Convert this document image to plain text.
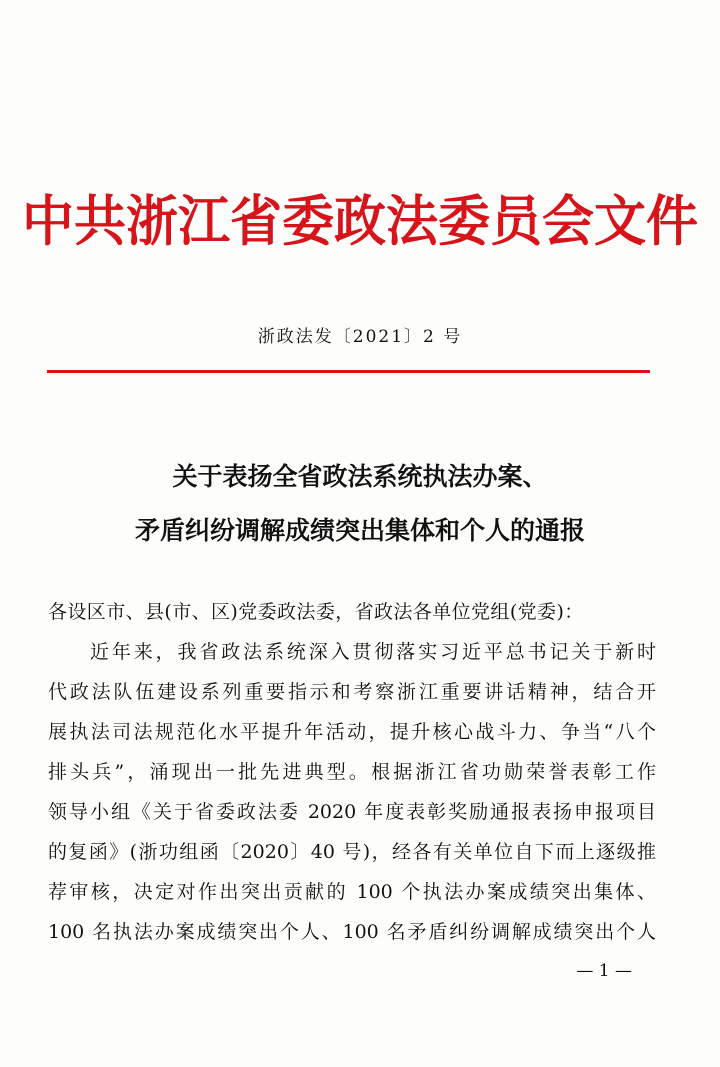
中共浙江省委政法委员会文件
浙政法发〔2021〕2 号
关于表扬全省政法系统执法办案、
矛盾纠纷调解成绩突出集体和个人的通报
各设区市、县(市、区)党委政法委，省政法各单位党组(党委)：
近年来，我省政法系统深入贯彻落实习近平总书记关于新时
代政法队伍建设系列重要指示和考察浙江重要讲话精神，结合开
展执法司法规范化水平提升年活动，提升核心战斗力、争当“八个
排头兵”，涌现出一批先进典型。根据浙江省功勋荣誉表彰工作
领导小组《关于省委政法委 2020 年度表彰奖励通报表扬申报项目
的复函》(浙功组函〔2020〕40 号)，经各有关单位自下而上逐级推
荐审核，决定对作出突出贡献的 100 个执法办案成绩突出集体、
100 名执法办案成绩突出个人、100 名矛盾纠纷调解成绩突出个人
— 1 —
